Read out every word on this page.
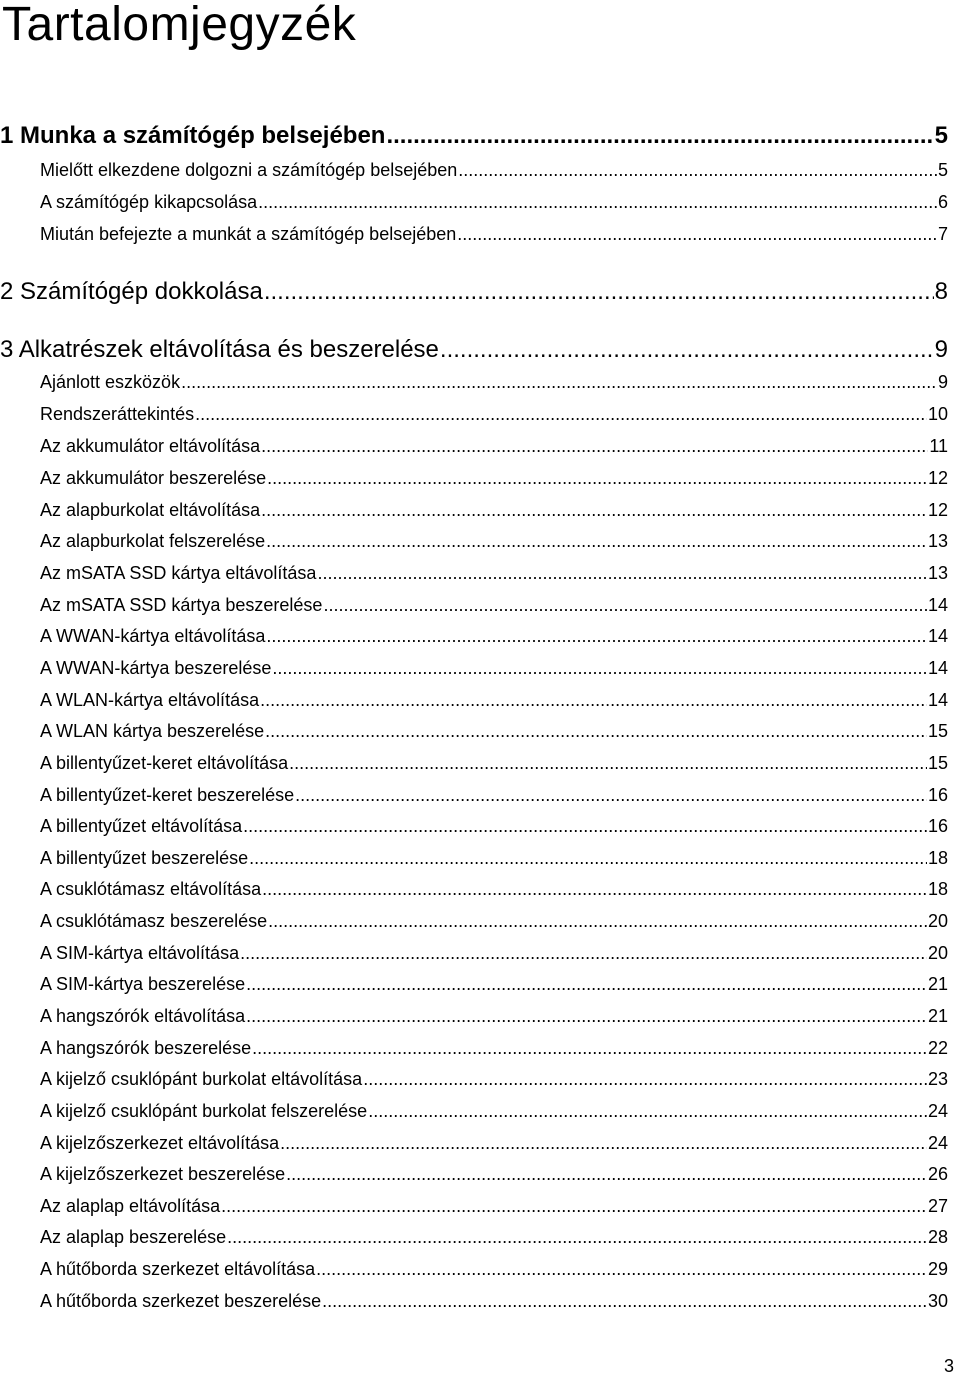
Tartalomjegyzék
1 Munka a számítógép belsejében .....	5
Mielőtt elkezdene dolgozni a számítógép belsejében .....	5
A számítógép kikapcsolása .....	6
Miután befejezte a munkát a számítógép belsejében .....	7
2 Számítógép dokkolása .....	8
3 Alkatrészek eltávolítása és beszerelése .....	9
Ajánlott eszközök .....	9
Rendszeráttekintés .....	10
Az akkumulátor eltávolítása .....	11
Az akkumulátor beszerelése .....	12
Az alapburkolat eltávolítása .....	12
Az alapburkolat felszerelése .....	13
Az mSATA SSD kártya eltávolítása .....	13
Az mSATA SSD kártya beszerelése .....	14
A WWAN-kártya eltávolítása .....	14
A WWAN-kártya beszerelése .....	14
A WLAN-kártya eltávolítása .....	14
A WLAN kártya beszerelése .....	15
A billentyűzet-keret eltávolítása .....	15
A billentyűzet-keret beszerelése .....	16
A billentyűzet eltávolítása .....	16
A billentyűzet beszerelése .....	18
A csuklótámasz eltávolítása .....	18
A csuklótámasz beszerelése .....	20
A SIM-kártya eltávolítása .....	20
A SIM-kártya beszerelése .....	21
A hangszórók eltávolítása .....	21
A hangszórók beszerelése .....	22
A kijelző csuklópánt burkolat eltávolítása .....	23
A kijelző csuklópánt burkolat felszerelése .....	24
A kijelzőszerkezet eltávolítása .....	24
A kijelzőszerkezet beszerelése .....	26
Az alaplap eltávolítása .....	27
Az alaplap beszerelése .....	28
A hűtőborda szerkezet eltávolítása .....	29
A hűtőborda szerkezet beszerelése .....	30
3
